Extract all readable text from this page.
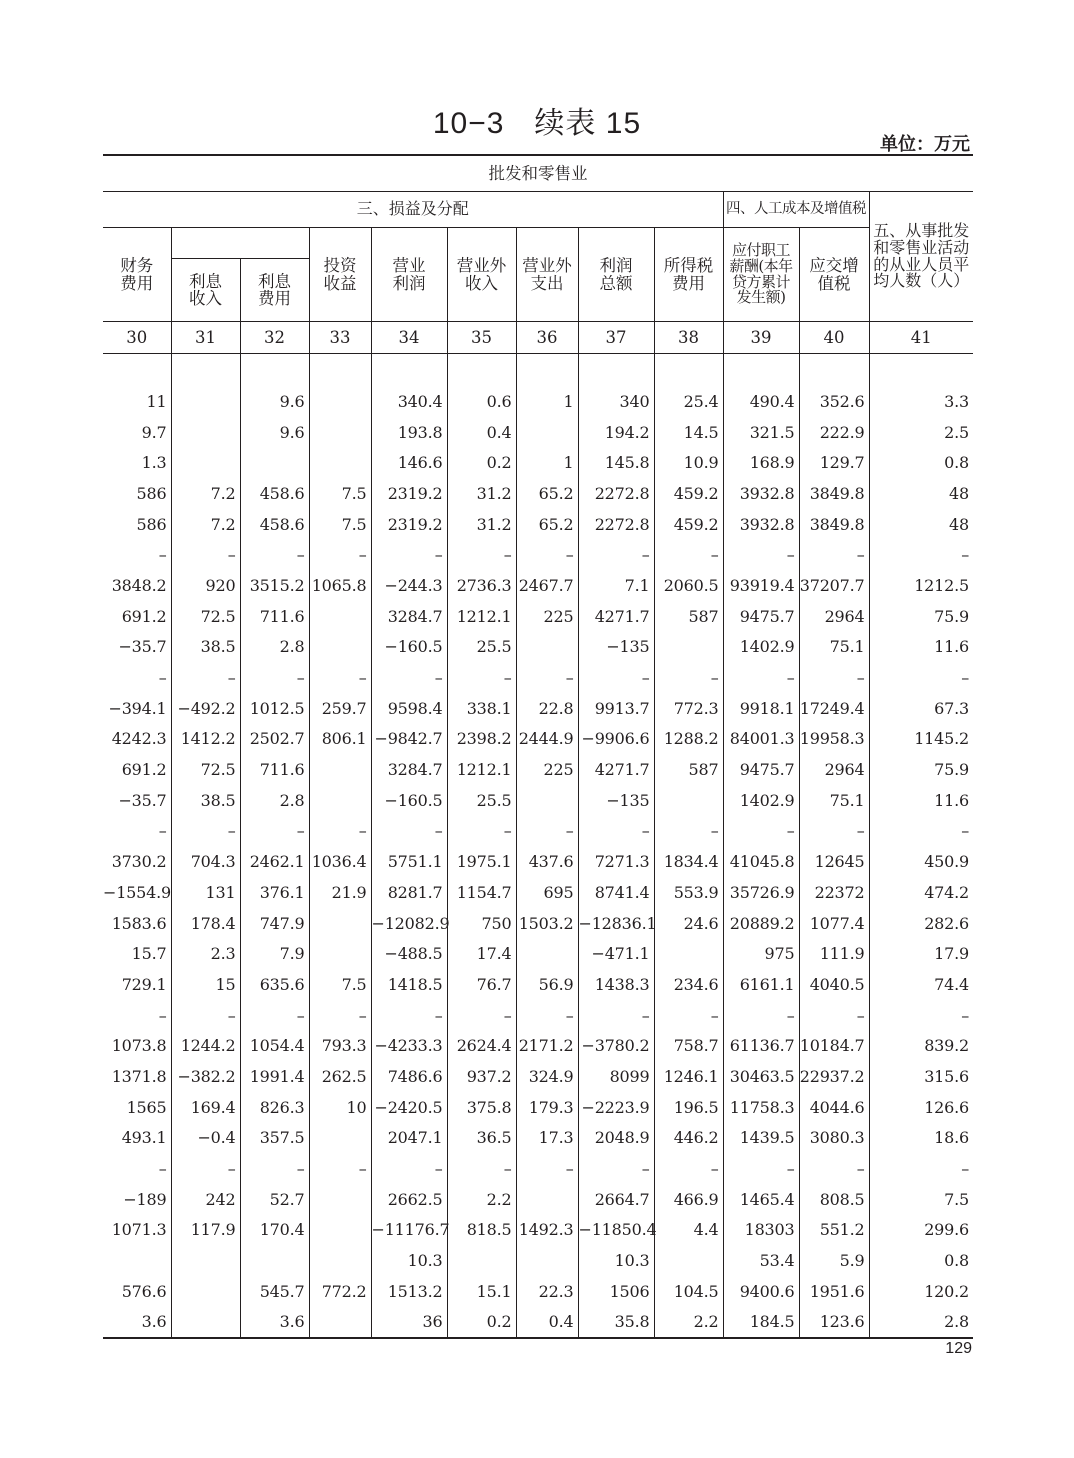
10−3 续表 15
单位：万元
批发和零售业											
三、损益及分配									四、人工成本及增值税		五、从事批发和零售业活动的从业人员平均人数（人）
财务费用			投资收益	营业利润	营业外收入	营业外支出	利润总额	所得税费用	应付职工薪酬(本年贷方累计发生额)	应交增值税	
	利息收入	利息费用									
30	31	32	33	34	35	36	37	38	39	40	41

11		9.6		340.4	0.6	1	340	25.4	490.4	352.6	3.3
9.7		9.6		193.8	0.4		194.2	14.5	321.5	222.9	2.5
1.3				146.6	0.2	1	145.8	10.9	168.9	129.7	0.8
586	7.2	458.6	7.5	2319.2	31.2	65.2	2272.8	459.2	3932.8	3849.8	48
586	7.2	458.6	7.5	2319.2	31.2	65.2	2272.8	459.2	3932.8	3849.8	48
–	–	–	–	–	–	–	–	–	–	–	–
3848.2	920	3515.2	1065.8	−244.3	2736.3	2467.7	7.1	2060.5	93919.4	37207.7	1212.5
691.2	72.5	711.6		3284.7	1212.1	225	4271.7	587	9475.7	2964	75.9
−35.7	38.5	2.8		−160.5	25.5		−135		1402.9	75.1	11.6
–	–	–	–	–	–	–	–	–	–	–	–
−394.1	−492.2	1012.5	259.7	9598.4	338.1	22.8	9913.7	772.3	9918.1	17249.4	67.3
4242.3	1412.2	2502.7	806.1	−9842.7	2398.2	2444.9	−9906.6	1288.2	84001.3	19958.3	1145.2
691.2	72.5	711.6		3284.7	1212.1	225	4271.7	587	9475.7	2964	75.9
−35.7	38.5	2.8		−160.5	25.5		−135		1402.9	75.1	11.6
–	–	–	–	–	–	–	–	–	–	–	–
3730.2	704.3	2462.1	1036.4	5751.1	1975.1	437.6	7271.3	1834.4	41045.8	12645	450.9
−1554.9	131	376.1	21.9	8281.7	1154.7	695	8741.4	553.9	35726.9	22372	474.2
1583.6	178.4	747.9		−12082.9	750	1503.2	−12836.1	24.6	20889.2	1077.4	282.6
15.7	2.3	7.9		−488.5	17.4		−471.1		975	111.9	17.9
729.1	15	635.6	7.5	1418.5	76.7	56.9	1438.3	234.6	6161.1	4040.5	74.4
–	–	–	–	–	–	–	–	–	–	–	–
1073.8	1244.2	1054.4	793.3	−4233.3	2624.4	2171.2	−3780.2	758.7	61136.7	10184.7	839.2
1371.8	−382.2	1991.4	262.5	7486.6	937.2	324.9	8099	1246.1	30463.5	22937.2	315.6
1565	169.4	826.3	10	−2420.5	375.8	179.3	−2223.9	196.5	11758.3	4044.6	126.6
493.1	−0.4	357.5		2047.1	36.5	17.3	2048.9	446.2	1439.5	3080.3	18.6
–	–	–	–	–	–	–	–	–	–	–	–
−189	242	52.7		2662.5	2.2		2664.7	466.9	1465.4	808.5	7.5
1071.3	117.9	170.4		−11176.7	818.5	1492.3	−11850.4	4.4	18303	551.2	299.6
				10.3			10.3		53.4	5.9	0.8
576.6		545.7	772.2	1513.2	15.1	22.3	1506	104.5	9400.6	1951.6	120.2
3.6		3.6		36	0.2	0.4	35.8	2.2	184.5	123.6	2.8
129
